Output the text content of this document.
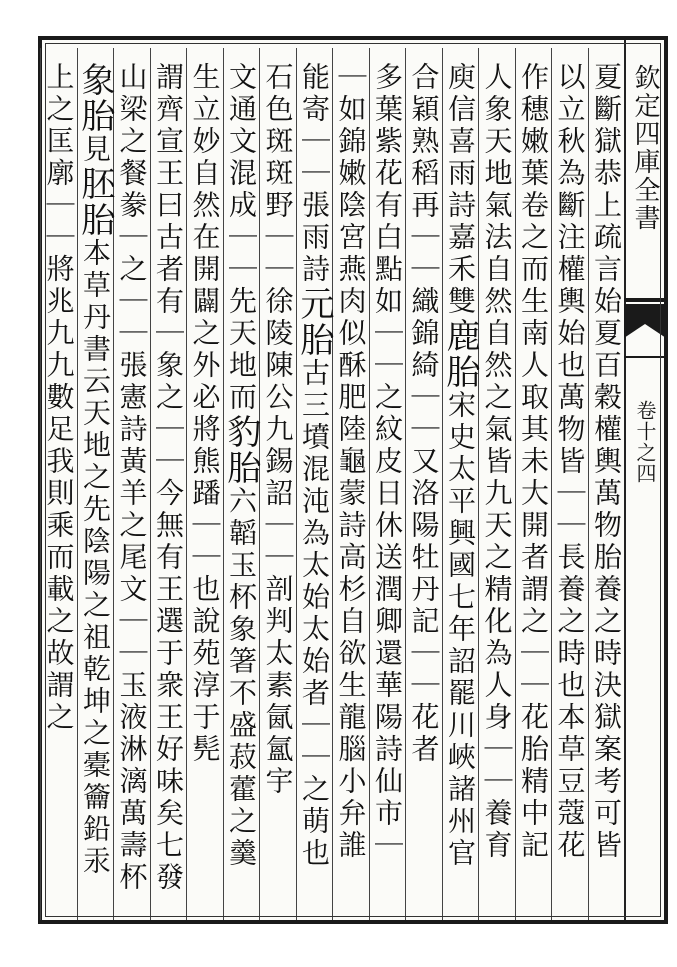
欽定四庫全書
卷十之四
夏斷獄恭上疏言始夏百穀權輿萬物胎養之時決獄案考可皆
以立秋為斷注權輿始也萬物皆｜｜長養之時也本草豆蔻花
作穗嫩葉卷之而生南人取其未大開者謂之｜｜花胎精中記
人象天地氣法自然自然之氣皆九天之精化為人身｜｜養育
庾信喜雨詩嘉禾雙鹿胎宋史太平興國七年詔罷川峽諸州官
合穎熟稻再｜｜織錦綺｜｜又洛陽牡丹記｜｜花者
多葉紫花有白點如｜｜之紋皮日休送潤卿還華陽詩仙市｜
｜如錦嫩陰宮燕肉似酥肥陸龜蒙詩高杉自欲生龍腦小弁誰
能寄｜｜張雨詩元胎古三墳混沌為太始太始者｜｜之萌也
石色斑斑野｜｜徐陵陳公九錫詔｜｜剖判太素氤氳宇
文通文混成｜｜先天地而豹胎六韜玉杯象箸不盛菽藿之羹
生立妙自然在開闢之外必將熊蹯｜｜也說苑淳于髡
謂齊宣王曰古者有｜象之｜｜今無有王選于衆王好味矣七發
山梁之餐豢｜之｜｜張憲詩黃羊之尾文｜｜玉液淋漓萬壽杯
象胎見胚胎本草丹書云天地之先陰陽之祖乾坤之橐籥鉛汞
上之匡廓｜｜將兆九九數足我則乘而載之故謂之
